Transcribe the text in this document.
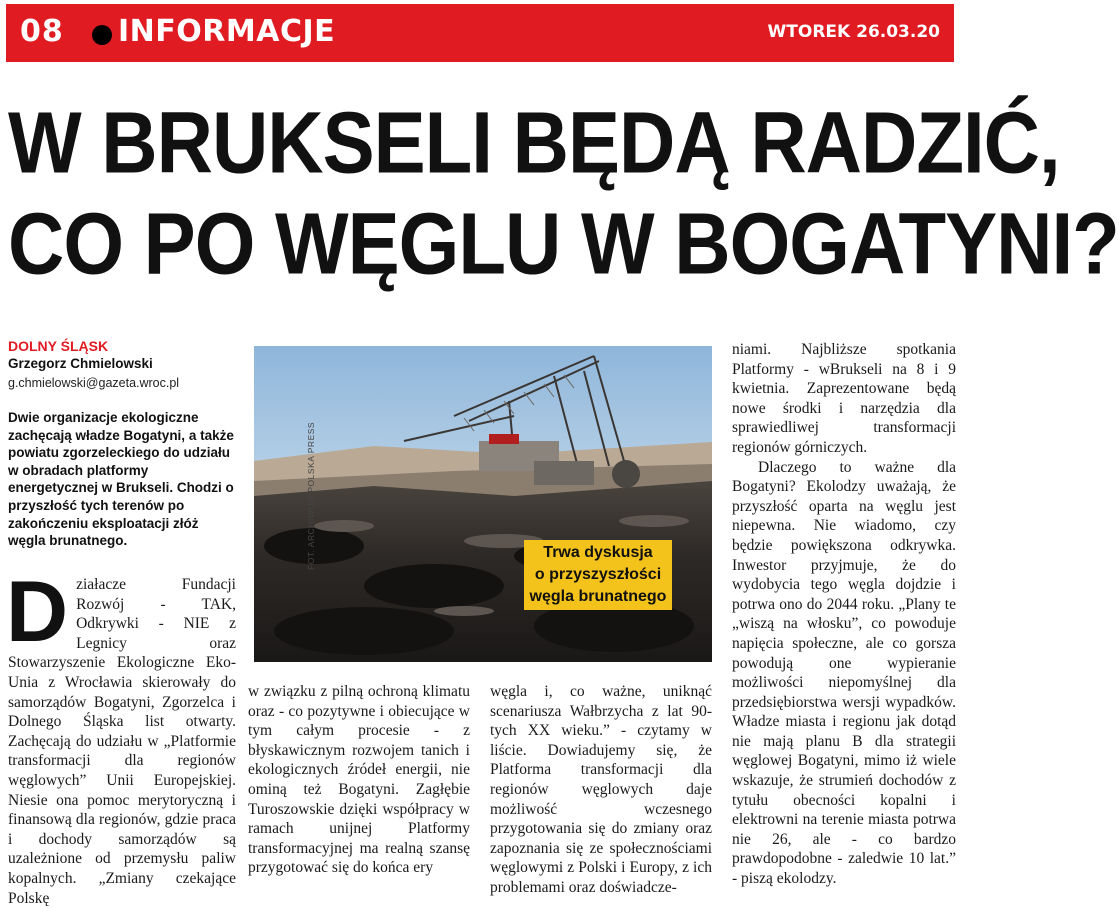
08 INFORMACJE	WTOREK 26.03.20
W BRUKSELI BĘDĄ RADZIĆ,
CO PO WĘGLU W BOGATYNI?
DOLNY ŚLĄSK
Grzegorz Chmielowski
g.chmielowski@gazeta.wroc.pl

Dwie organizacje ekologiczne zachęcają władze Bogatyni, a także powiatu zgorzeleckiego do udziału w obradach platformy energetycznej w Brukseli. Chodzi o przyszłość tych terenów po zakończeniu eksploatacji złóż węgla brunatnego.	FOT. ARCHIWUM POLSKA PRESS	Trwa dyskusja
o przyszyszłości
węgla brunatnego
D ziałacze Fundacji Rozwój - TAK, Odkrywki - NIE z Legnicy oraz Stowarzyszenie Ekologiczne Eko-Unia z Wrocławia skierowały do samorządów Bogatyni, Zgorzelca i Dolnego Śląska list otwarty. Zachęcają do udziału w „Platformie transformacji dla regionów węglowych” Unii Europejskiej. Niesie ona pomoc merytoryczną i finansową dla regionów, gdzie praca i dochody samorządów są uzależnione od przemysłu paliw kopalnych. „Zmiany czekające Polskę

w związku z pilną ochroną klimatu oraz - co pozytywne i obiecujące w tym całym procesie - z błyskawicznym rozwojem tanich i ekologicznych źródeł energii, nie ominą też Bogatyni. Zagłębie Turoszowskie dzięki współpracy w ramach unijnej Platformy transformacyjnej ma realną szansę przygotować się do końca ery

węgla i, co ważne, uniknąć scenariusza Wałbrzycha z lat 90-tych XX wieku.” - czytamy w liście. Dowiadujemy się, że Platforma transformacji dla regionów węglowych daje możliwość wczesnego przygotowania się do zmiany oraz zapoznania się ze społecznościami węglowymi z Polski i Europy, z ich problemami oraz doświadcze-

niami. Najbliższe spotkania Platformy - wBrukseli na 8 i 9 kwietnia. Zaprezentowane będą nowe środki i narzędzia dla sprawiedliwej transformacji regionów górniczych.

Dlaczego to ważne dla Bogatyni? Ekolodzy uważają, że przyszłość oparta na węglu jest niepewna. Nie wiadomo, czy będzie powiększona odkrywka. Inwestor przyjmuje, że do wydobycia tego węgla dojdzie i potrwa ono do 2044 roku. „Plany te „wiszą na włosku”, co powoduje napięcia społeczne, ale co gorsza powodują one wypieranie możliwości niepomyślnej dla przedsiębiorstwa wersji wypadków. Władze miasta i regionu jak dotąd nie mają planu B dla strategii węglowej Bogatyni, mimo iż wiele wskazuje, że strumień dochodów z tytułu obecności kopalni i elektrowni na terenie miasta potrwa nie 26, ale - co bardzo prawdopodobne - zaledwie 10 lat.” - piszą ekolodzy.
